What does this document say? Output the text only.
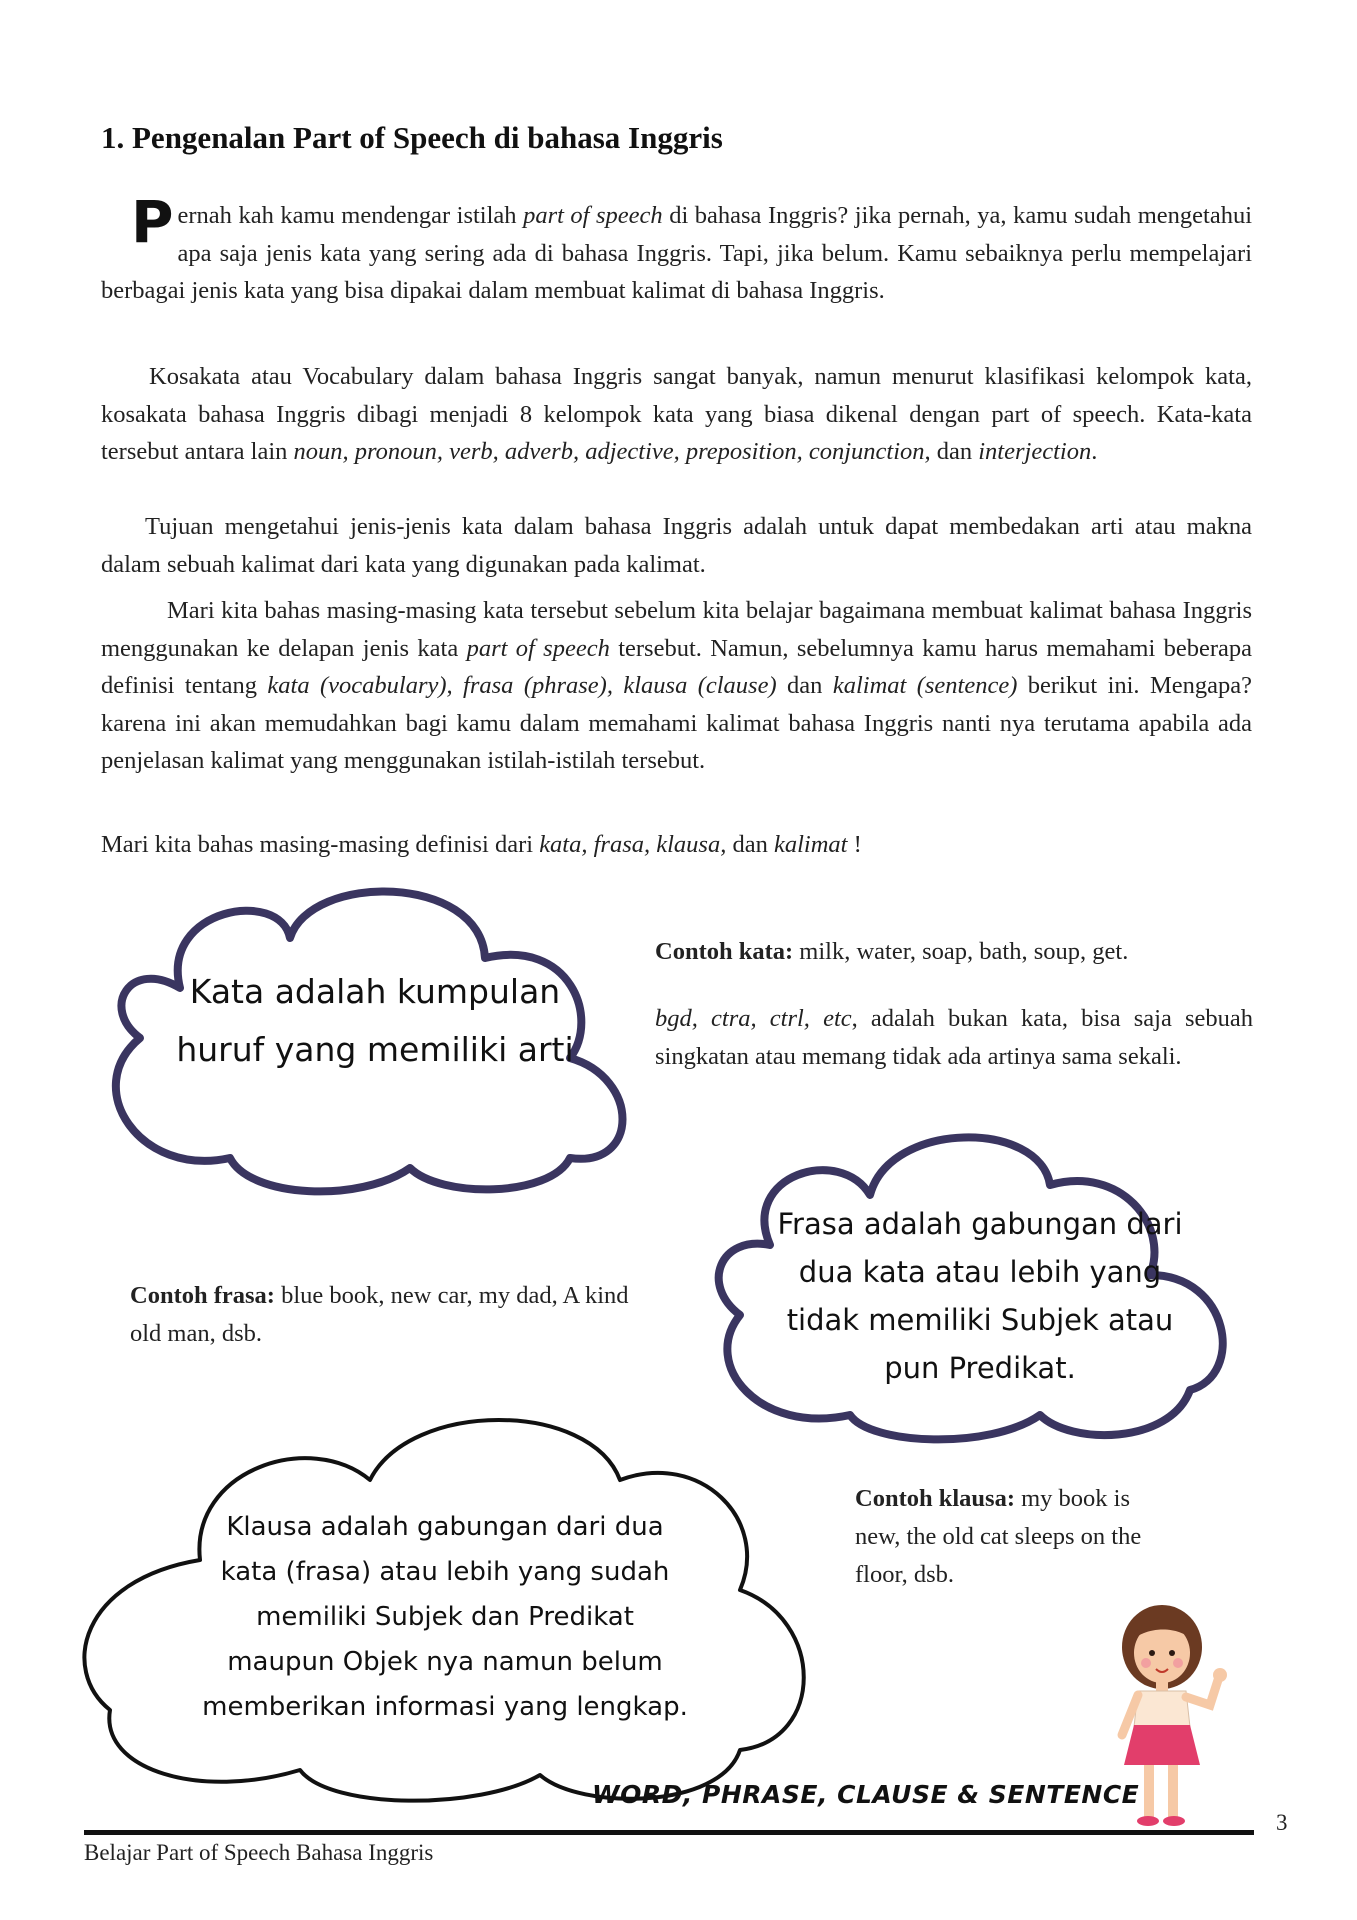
1. Pengenalan Part of Speech di bahasa Inggris
Pernah kah kamu mendengar istilah part of speech di bahasa Inggris? jika pernah, ya, kamu sudah mengetahui apa saja jenis kata yang sering ada di bahasa Inggris. Tapi, jika belum. Kamu sebaiknya perlu mempelajari berbagai jenis kata yang bisa dipakai dalam membuat kalimat di bahasa Inggris.
Kosakata atau Vocabulary dalam bahasa Inggris sangat banyak, namun menurut klasifikasi kelompok kata, kosakata bahasa Inggris dibagi menjadi 8 kelompok kata yang biasa dikenal dengan part of speech. Kata-kata tersebut antara lain noun, pronoun, verb, adverb, adjective, preposition, conjunction, dan interjection.
Tujuan mengetahui jenis-jenis kata dalam bahasa Inggris adalah untuk dapat membedakan arti atau makna dalam sebuah kalimat dari kata yang digunakan pada kalimat.
Mari kita bahas masing-masing kata tersebut sebelum kita belajar bagaimana membuat kalimat bahasa Inggris menggunakan ke delapan jenis kata part of speech tersebut. Namun, sebelumnya kamu harus memahami beberapa definisi tentang kata (vocabulary), frasa (phrase), klausa (clause) dan kalimat (sentence) berikut ini. Mengapa? karena ini akan memudahkan bagi kamu dalam memahami kalimat bahasa Inggris nanti nya terutama apabila ada penjelasan kalimat yang menggunakan istilah-istilah tersebut.
Mari kita bahas masing-masing definisi dari kata, frasa, klausa, dan kalimat !
Kata adalah kumpulan huruf yang memiliki arti
Contoh kata: milk, water, soap, bath, soup, get.
bgd, ctra, ctrl, etc, adalah bukan kata, bisa saja sebuah singkatan atau memang tidak ada artinya sama sekali.
Frasa adalah gabungan dari dua kata atau lebih yang tidak memiliki Subjek atau pun Predikat.
Contoh frasa: blue book, new car, my dad, A kind old man, dsb.
Klausa adalah gabungan dari dua kata (frasa) atau lebih yang sudah memiliki Subjek dan Predikat maupun Objek nya namun belum memberikan informasi yang lengkap.
Contoh klausa: my book is new, the old cat sleeps on the floor, dsb.
WORD, PHRASE, CLAUSE & SENTENCE
3
Belajar Part of Speech Bahasa Inggris
